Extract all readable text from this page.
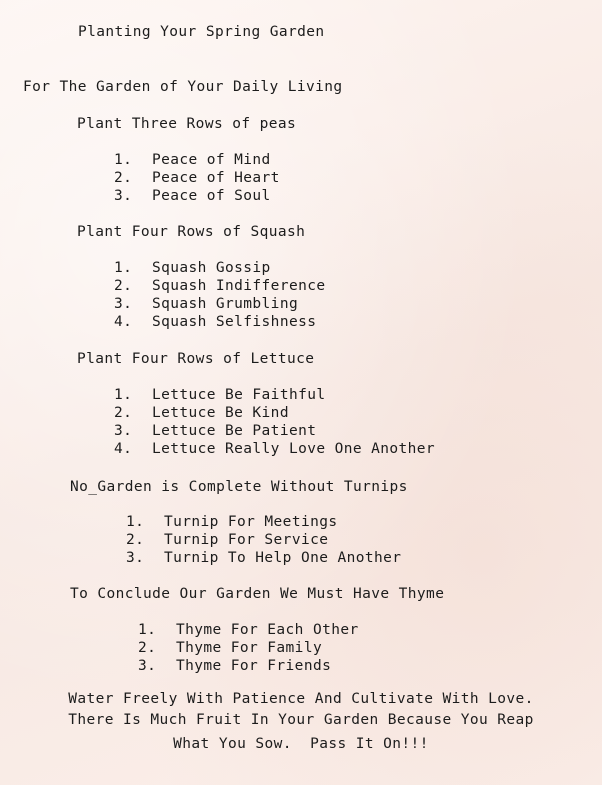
Planting Your Spring Garden
For The Garden of Your Daily Living
Plant Three Rows of peas
1. Peace of Mind
2. Peace of Heart
3. Peace of Soul
Plant Four Rows of Squash
1. Squash Gossip
2. Squash Indifference
3. Squash Grumbling
4. Squash Selfishness
Plant Four Rows of Lettuce
1. Lettuce Be Faithful
2. Lettuce Be Kind
3. Lettuce Be Patient
4. Lettuce Really Love One Another
No_Garden is Complete Without Turnips
1. Turnip For Meetings
2. Turnip For Service
3. Turnip To Help One Another
To Conclude Our Garden We Must Have Thyme
1. Thyme For Each Other
2. Thyme For Family
3. Thyme For Friends
Water Freely With Patience And Cultivate With Love.
There Is Much Fruit In Your Garden Because You Reap
What You Sow.  Pass It On!!!
